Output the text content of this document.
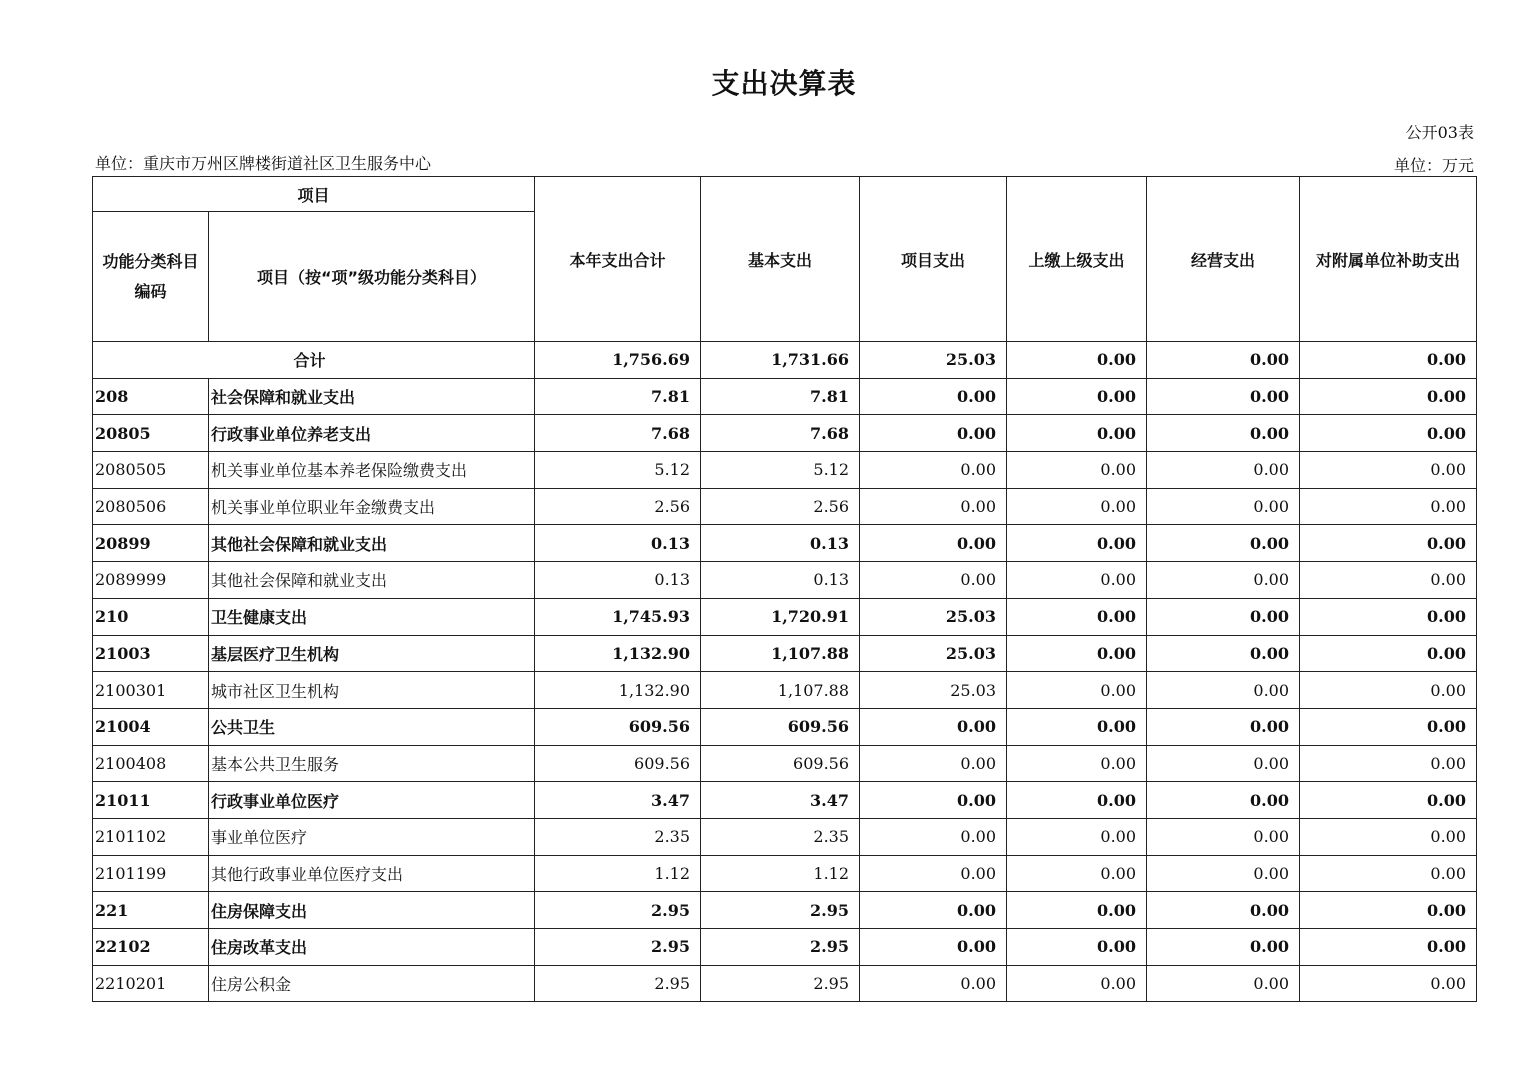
支出决算表
公开03表
单位：重庆市万州区牌楼街道社区卫生服务中心	单位：万元
项目		本年支出合计	基本支出	项目支出	上缴上级支出	经营支出	对附属单位补助支出
功能分类科目编码	项目（按“项”级功能分类科目）						
合计		1,756.69	1,731.66	25.03	0.00	0.00	0.00
208	社会保障和就业支出	7.81	7.81	0.00	0.00	0.00	0.00
20805	行政事业单位养老支出	7.68	7.68	0.00	0.00	0.00	0.00
2080505	机关事业单位基本养老保险缴费支出	5.12	5.12	0.00	0.00	0.00	0.00
2080506	机关事业单位职业年金缴费支出	2.56	2.56	0.00	0.00	0.00	0.00
20899	其他社会保障和就业支出	0.13	0.13	0.00	0.00	0.00	0.00
2089999	其他社会保障和就业支出	0.13	0.13	0.00	0.00	0.00	0.00
210	卫生健康支出	1,745.93	1,720.91	25.03	0.00	0.00	0.00
21003	基层医疗卫生机构	1,132.90	1,107.88	25.03	0.00	0.00	0.00
2100301	城市社区卫生机构	1,132.90	1,107.88	25.03	0.00	0.00	0.00
21004	公共卫生	609.56	609.56	0.00	0.00	0.00	0.00
2100408	基本公共卫生服务	609.56	609.56	0.00	0.00	0.00	0.00
21011	行政事业单位医疗	3.47	3.47	0.00	0.00	0.00	0.00
2101102	事业单位医疗	2.35	2.35	0.00	0.00	0.00	0.00
2101199	其他行政事业单位医疗支出	1.12	1.12	0.00	0.00	0.00	0.00
221	住房保障支出	2.95	2.95	0.00	0.00	0.00	0.00
22102	住房改革支出	2.95	2.95	0.00	0.00	0.00	0.00
2210201	住房公积金	2.95	2.95	0.00	0.00	0.00	0.00
